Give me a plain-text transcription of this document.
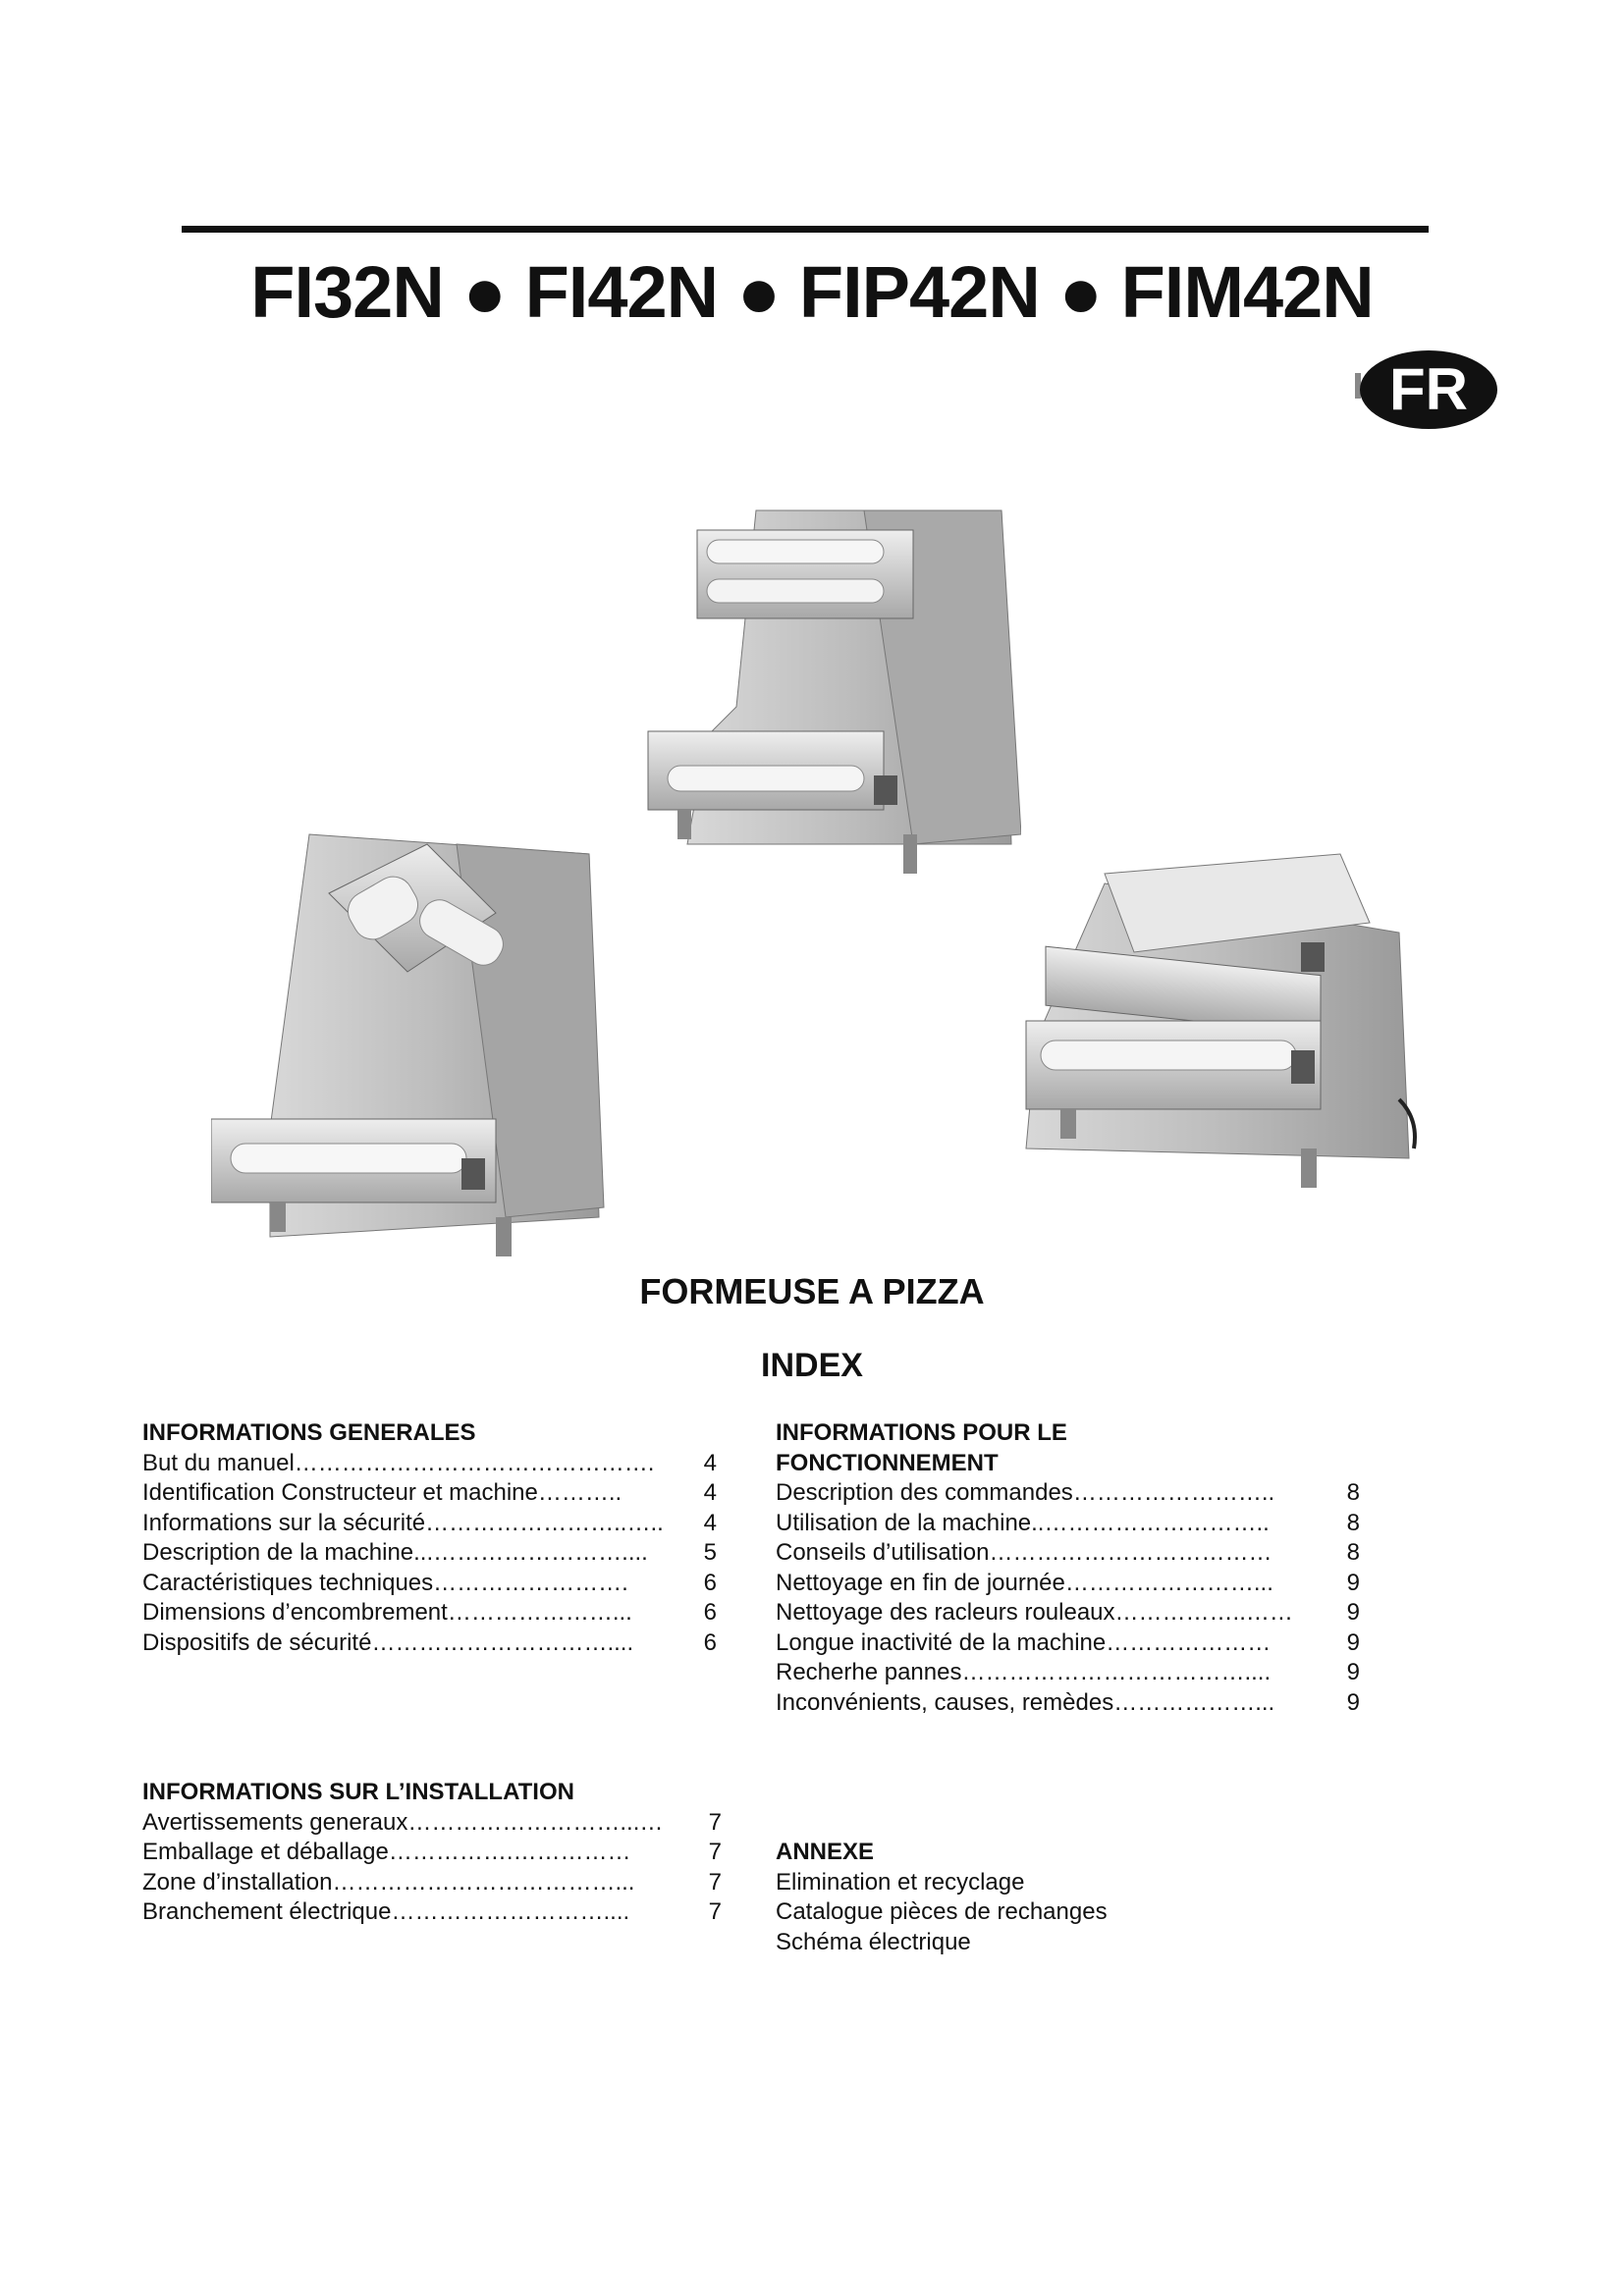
FI32N ● FI42N ● FIP42N ● FIM42N
FR
FORMEUSE A PIZZA
INDEX
INFORMATIONS GENERALES
But du manuel……………………………………….	4
Identification Constructeur et machine………..	4
Informations sur la sécurité……………………..…..	4
Description de la machine...……………………....	5
Caractéristiques techniques…………………….	6
Dimensions d’encombrement…………………...	6
Dispositifs de sécurité…………………………....	6
INFORMATIONS POUR LE
FONCTIONNEMENT
Description des commandes……………………..	8
Utilisation de la machine..………………………..	8
Conseils d’utilisation………………………………	8
Nettoyage en fin de journée……………………...	9
Nettoyage des racleurs rouleaux……………..……	9
Longue inactivité de la machine…………………	9
Recherhe pannes………………………………....	9
Inconvénients, causes, remèdes………………...	9
INFORMATIONS SUR L’INSTALLATION
Avertissements generaux………………………...…	7
Emballage et déballage…………….……………	7
Zone d’installation………………………………...	7
Branchement électrique………………………....	7
ANNEXE
Elimination et recyclage
Catalogue pièces de rechanges
Schéma électrique
